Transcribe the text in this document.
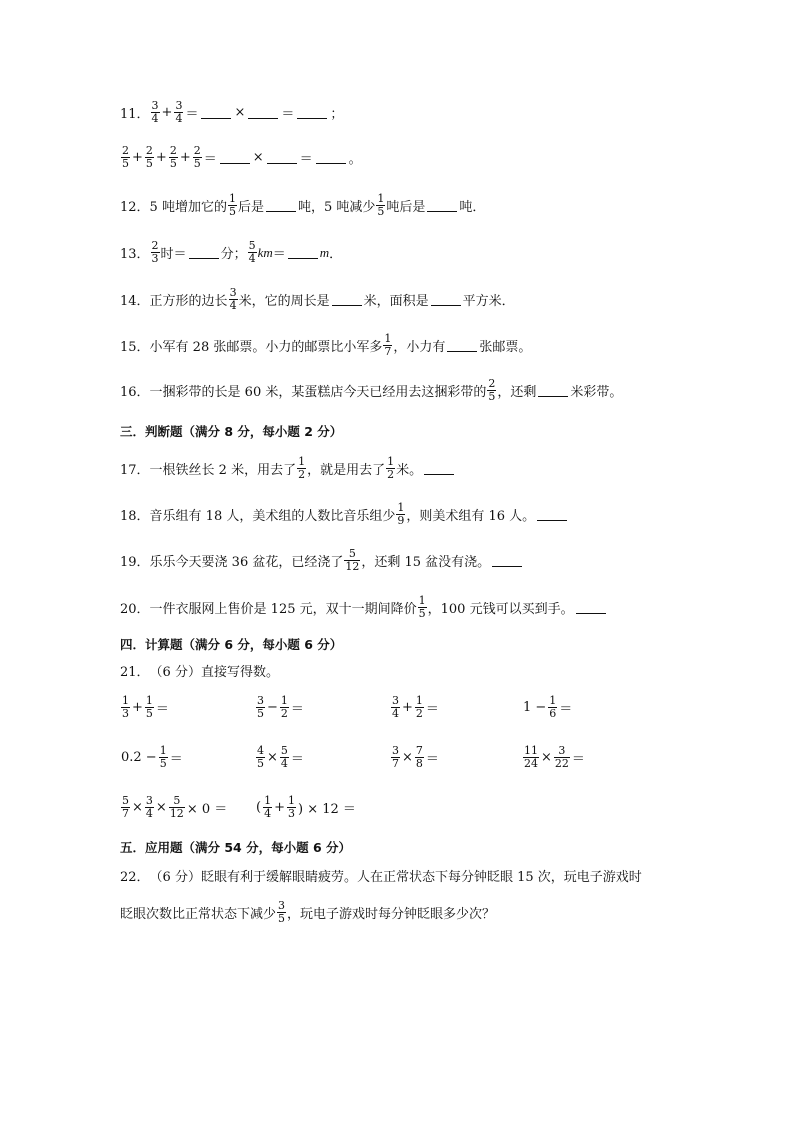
11． $\frac{3}{4} + \frac{3}{4}$ ＝	×	＝	；
$\frac{2}{5} + \frac{2}{5} + \frac{2}{5} + \frac{2}{5}$ ＝	×	＝	。
12． 5 吨增加它的 $\frac{1}{5}$ 后是	吨，5 吨减少 $\frac{1}{5}$ 吨后是	吨．
13． $\frac{2}{3}$ 时＝	分； $\frac{5}{4}$ km ＝	m ．
14． 正方形的边长 $\frac{3}{4}$ 米，它的周长是	米，面积是	平方米．
15． 小军有 28 张邮票。小力的邮票比小军多 $\frac{1}{7}$ ，小力有	张邮票。
16． 一捆彩带的长是 60 米，某蛋糕店今天已经用去这捆彩带的 $\frac{2}{5}$ ，还剩	米彩带。
三．判断题（满分 8 分，每小题 2 分）
17． 一根铁丝长 2 米，用去了 $\frac{1}{2}$ ，就是用去了 $\frac{1}{2}$ 米。
18． 音乐组有 18 人，美术组的人数比音乐组少 $\frac{1}{9}$ ，则美术组有 16 人。
19． 乐乐今天要浇 36 盆花，已经浇了 $\frac{5}{12}$ ，还剩 15 盆没有浇。
20． 一件衣服网上售价是 125 元，双十一期间降价 $\frac{1}{5}$ ，100 元钱可以买到手。
四．计算题（满分 6 分，每小题 6 分）
21． （6 分）直接写得数。
$\frac{1}{3} + \frac{1}{5}$ ＝	$\frac{3}{5} - \frac{1}{2}$ ＝	$\frac{3}{4} + \frac{1}{2}$ ＝	$1 - \frac{1}{6}$ ＝
$0.2 - \frac{1}{5}$ ＝	$\frac{4}{5} \times \frac{5}{4}$ ＝	$\frac{3}{7} \times \frac{7}{8}$ ＝	$\frac{11}{24} \times \frac{3}{22}$ ＝
$\frac{5}{7} \times \frac{3}{4} \times \frac{5}{12} \times 0$ ＝ ( $\frac{1}{4} + \frac{1}{3}$ ) × 12 ＝
五．应用题（满分 54 分，每小题 6 分）
22． （6 分）眨眼有利于缓解眼睛疲劳。人在正常状态下每分钟眨眼 15 次，玩电子游戏时
眨眼次数比正常状态下减少 $\frac{3}{5}$ ，玩电子游戏时每分钟眨眼多少次？
